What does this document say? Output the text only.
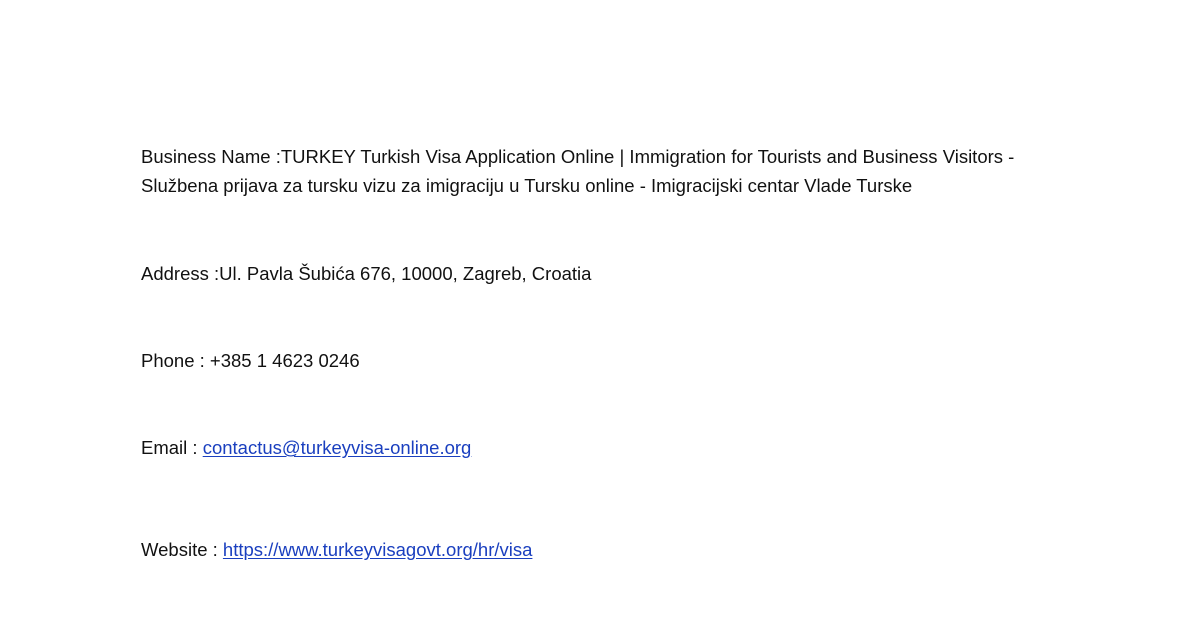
Business Name :TURKEY Turkish Visa Application Online | Immigration for Tourists and Business Visitors - Službena prijava za tursku vizu za imigraciju u Tursku online - Imigracijski centar Vlade Turske

Address :Ul. Pavla Šubića 676, 10000, Zagreb, Croatia

Phone : +385 1 4623 0246

Email : contactus@turkeyvisa-online.org

Website : https://www.turkeyvisagovt.org/hr/visa
